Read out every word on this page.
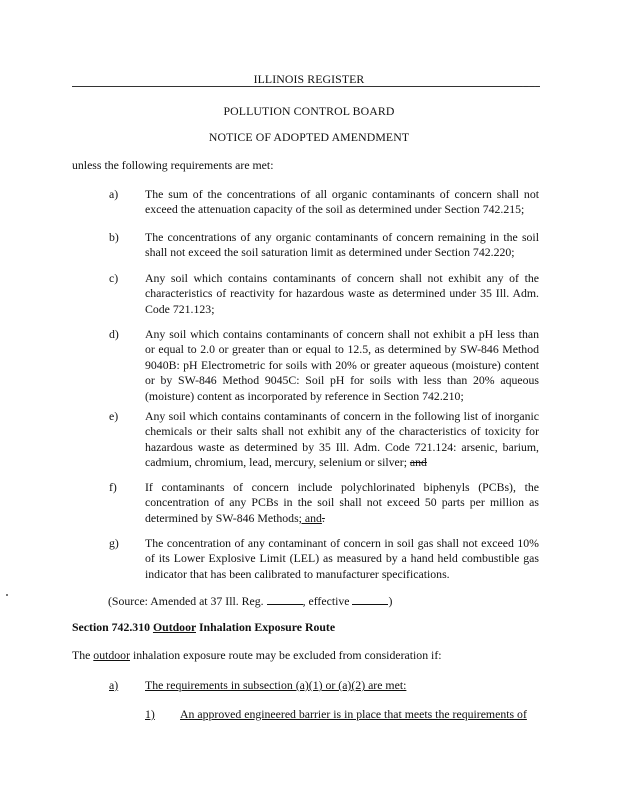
ILLINOIS REGISTER	. . .
POLLUTION CONTROL BOARD
NOTICE OF ADOPTED AMENDMENT
unless the following requirements are met:
a) The sum of the concentrations of all organic contaminants of concern shall not exceed the attenuation capacity of the soil as determined under Section 742.215;
b) The concentrations of any organic contaminants of concern remaining in the soil shall not exceed the soil saturation limit as determined under Section 742.220;
c) Any soil which contains contaminants of concern shall not exhibit any of the characteristics of reactivity for hazardous waste as determined under 35 Ill. Adm. Code 721.123;
d) Any soil which contains contaminants of concern shall not exhibit a pH less than or equal to 2.0 or greater than or equal to 12.5, as determined by SW-846 Method 9040B: pH Electrometric for soils with 20% or greater aqueous (moisture) content or by SW-846 Method 9045C: Soil pH for soils with less than 20% aqueous (moisture) content as incorporated by reference in Section 742.210;
e) Any soil which contains contaminants of concern in the following list of inorganic chemicals or their salts shall not exhibit any of the characteristics of toxicity for hazardous waste as determined by 35 Ill. Adm. Code 721.124: arsenic, barium, cadmium, chromium, lead, mercury, selenium or silver; and
f) If contaminants of concern include polychlorinated biphenyls (PCBs), the concentration of any PCBs in the soil shall not exceed 50 parts per million as determined by SW-846 Methods; and.
g) The concentration of any contaminant of concern in soil gas shall not exceed 10% of its Lower Explosive Limit (LEL) as measured by a hand held combustible gas indicator that has been calibrated to manufacturer specifications.
(Source: Amended at 37 Ill. Reg.	, effective	)
Section 742.310 Outdoor Inhalation Exposure Route
The outdoor inhalation exposure route may be excluded from consideration if:
a) The requirements in subsection (a)(1) or (a)(2) are met:
1) An approved engineered barrier is in place that meets the requirements of
